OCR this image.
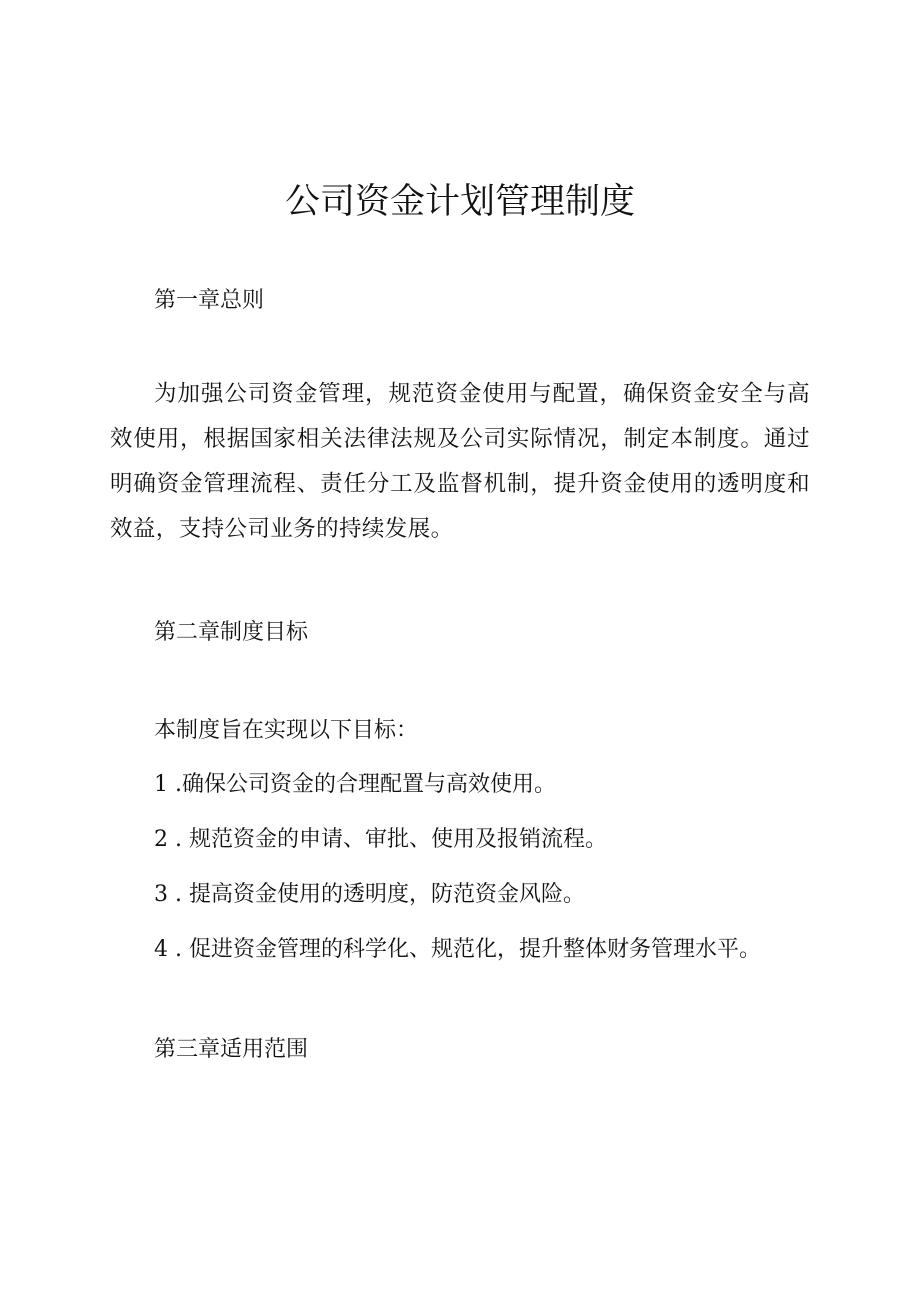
公司资金计划管理制度

第一章总则

为加强公司资金管理，规范资金使用与配置，确保资金安全与高效使用，根据国家相关法律法规及公司实际情况，制定本制度。通过明确资金管理流程、责任分工及监督机制，提升资金使用的透明度和效益，支持公司业务的持续发展。

第二章制度目标

本制度旨在实现以下目标：

1 .确保公司资金的合理配置与高效使用。

2 . 规范资金的申请、审批、使用及报销流程。

3 . 提高资金使用的透明度，防范资金风险。

4 . 促进资金管理的科学化、规范化，提升整体财务管理水平。

第三章适用范围
